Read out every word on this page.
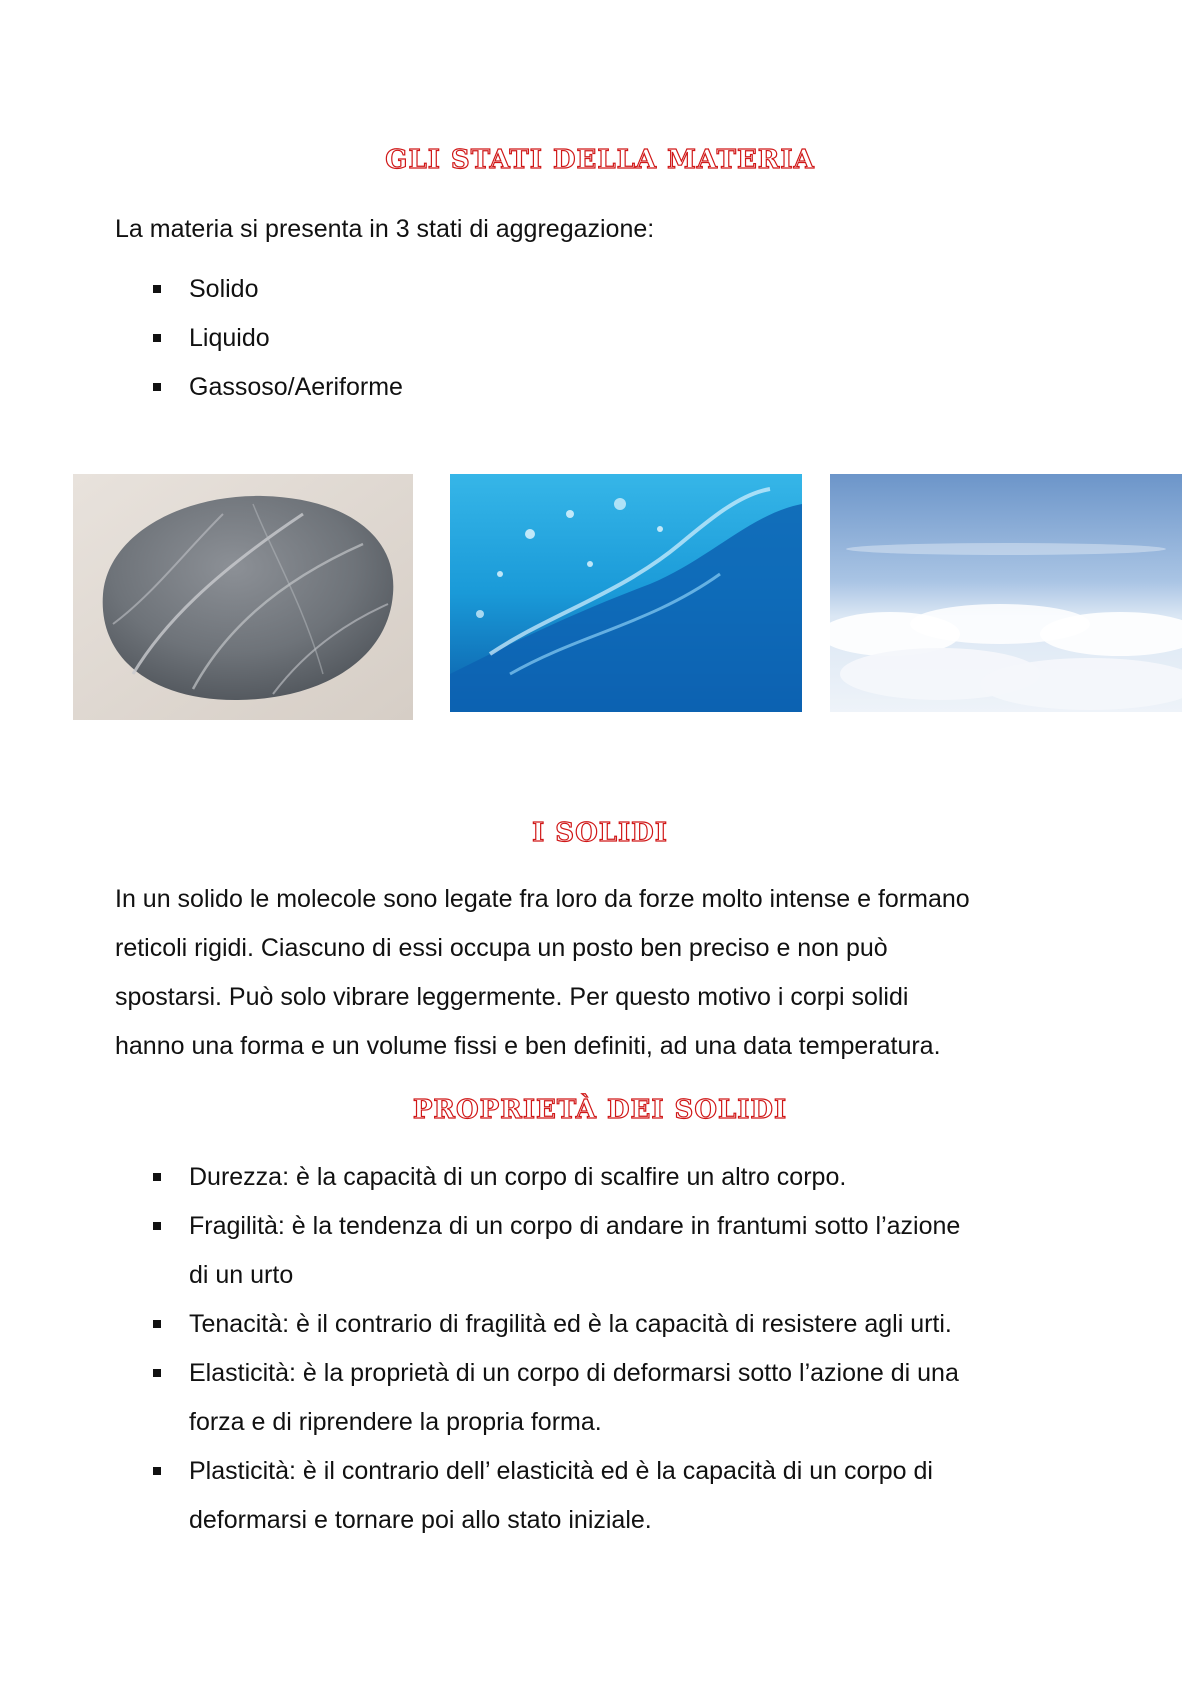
GLI STATI DELLA MATERIA

La materia si presenta in 3 stati di aggregazione:

Solido
Liquido
Gassoso/Aeriforme
I SOLIDI
In un solido le molecole sono legate fra loro da forze molto intense e formano
reticoli rigidi. Ciascuno di essi occupa un posto ben preciso e non può
spostarsi. Può solo vibrare leggermente. Per questo motivo i corpi solidi
hanno una forma e un volume fissi e ben definiti, ad una data temperatura.
PROPRIETÀ DEI SOLIDI
Durezza: è la capacità di un corpo di scalfire un altro corpo.
Fragilità: è la tendenza di un corpo di andare in frantumi sotto l’azione
di un urto
Tenacità: è il contrario di fragilità ed è la capacità di resistere agli urti.
Elasticità: è la proprietà di un corpo di deformarsi sotto l’azione di una
forza e di riprendere la propria forma.
Plasticità: è il contrario dell’ elasticità ed è la capacità di un corpo di
deformarsi e tornare poi allo stato iniziale.
